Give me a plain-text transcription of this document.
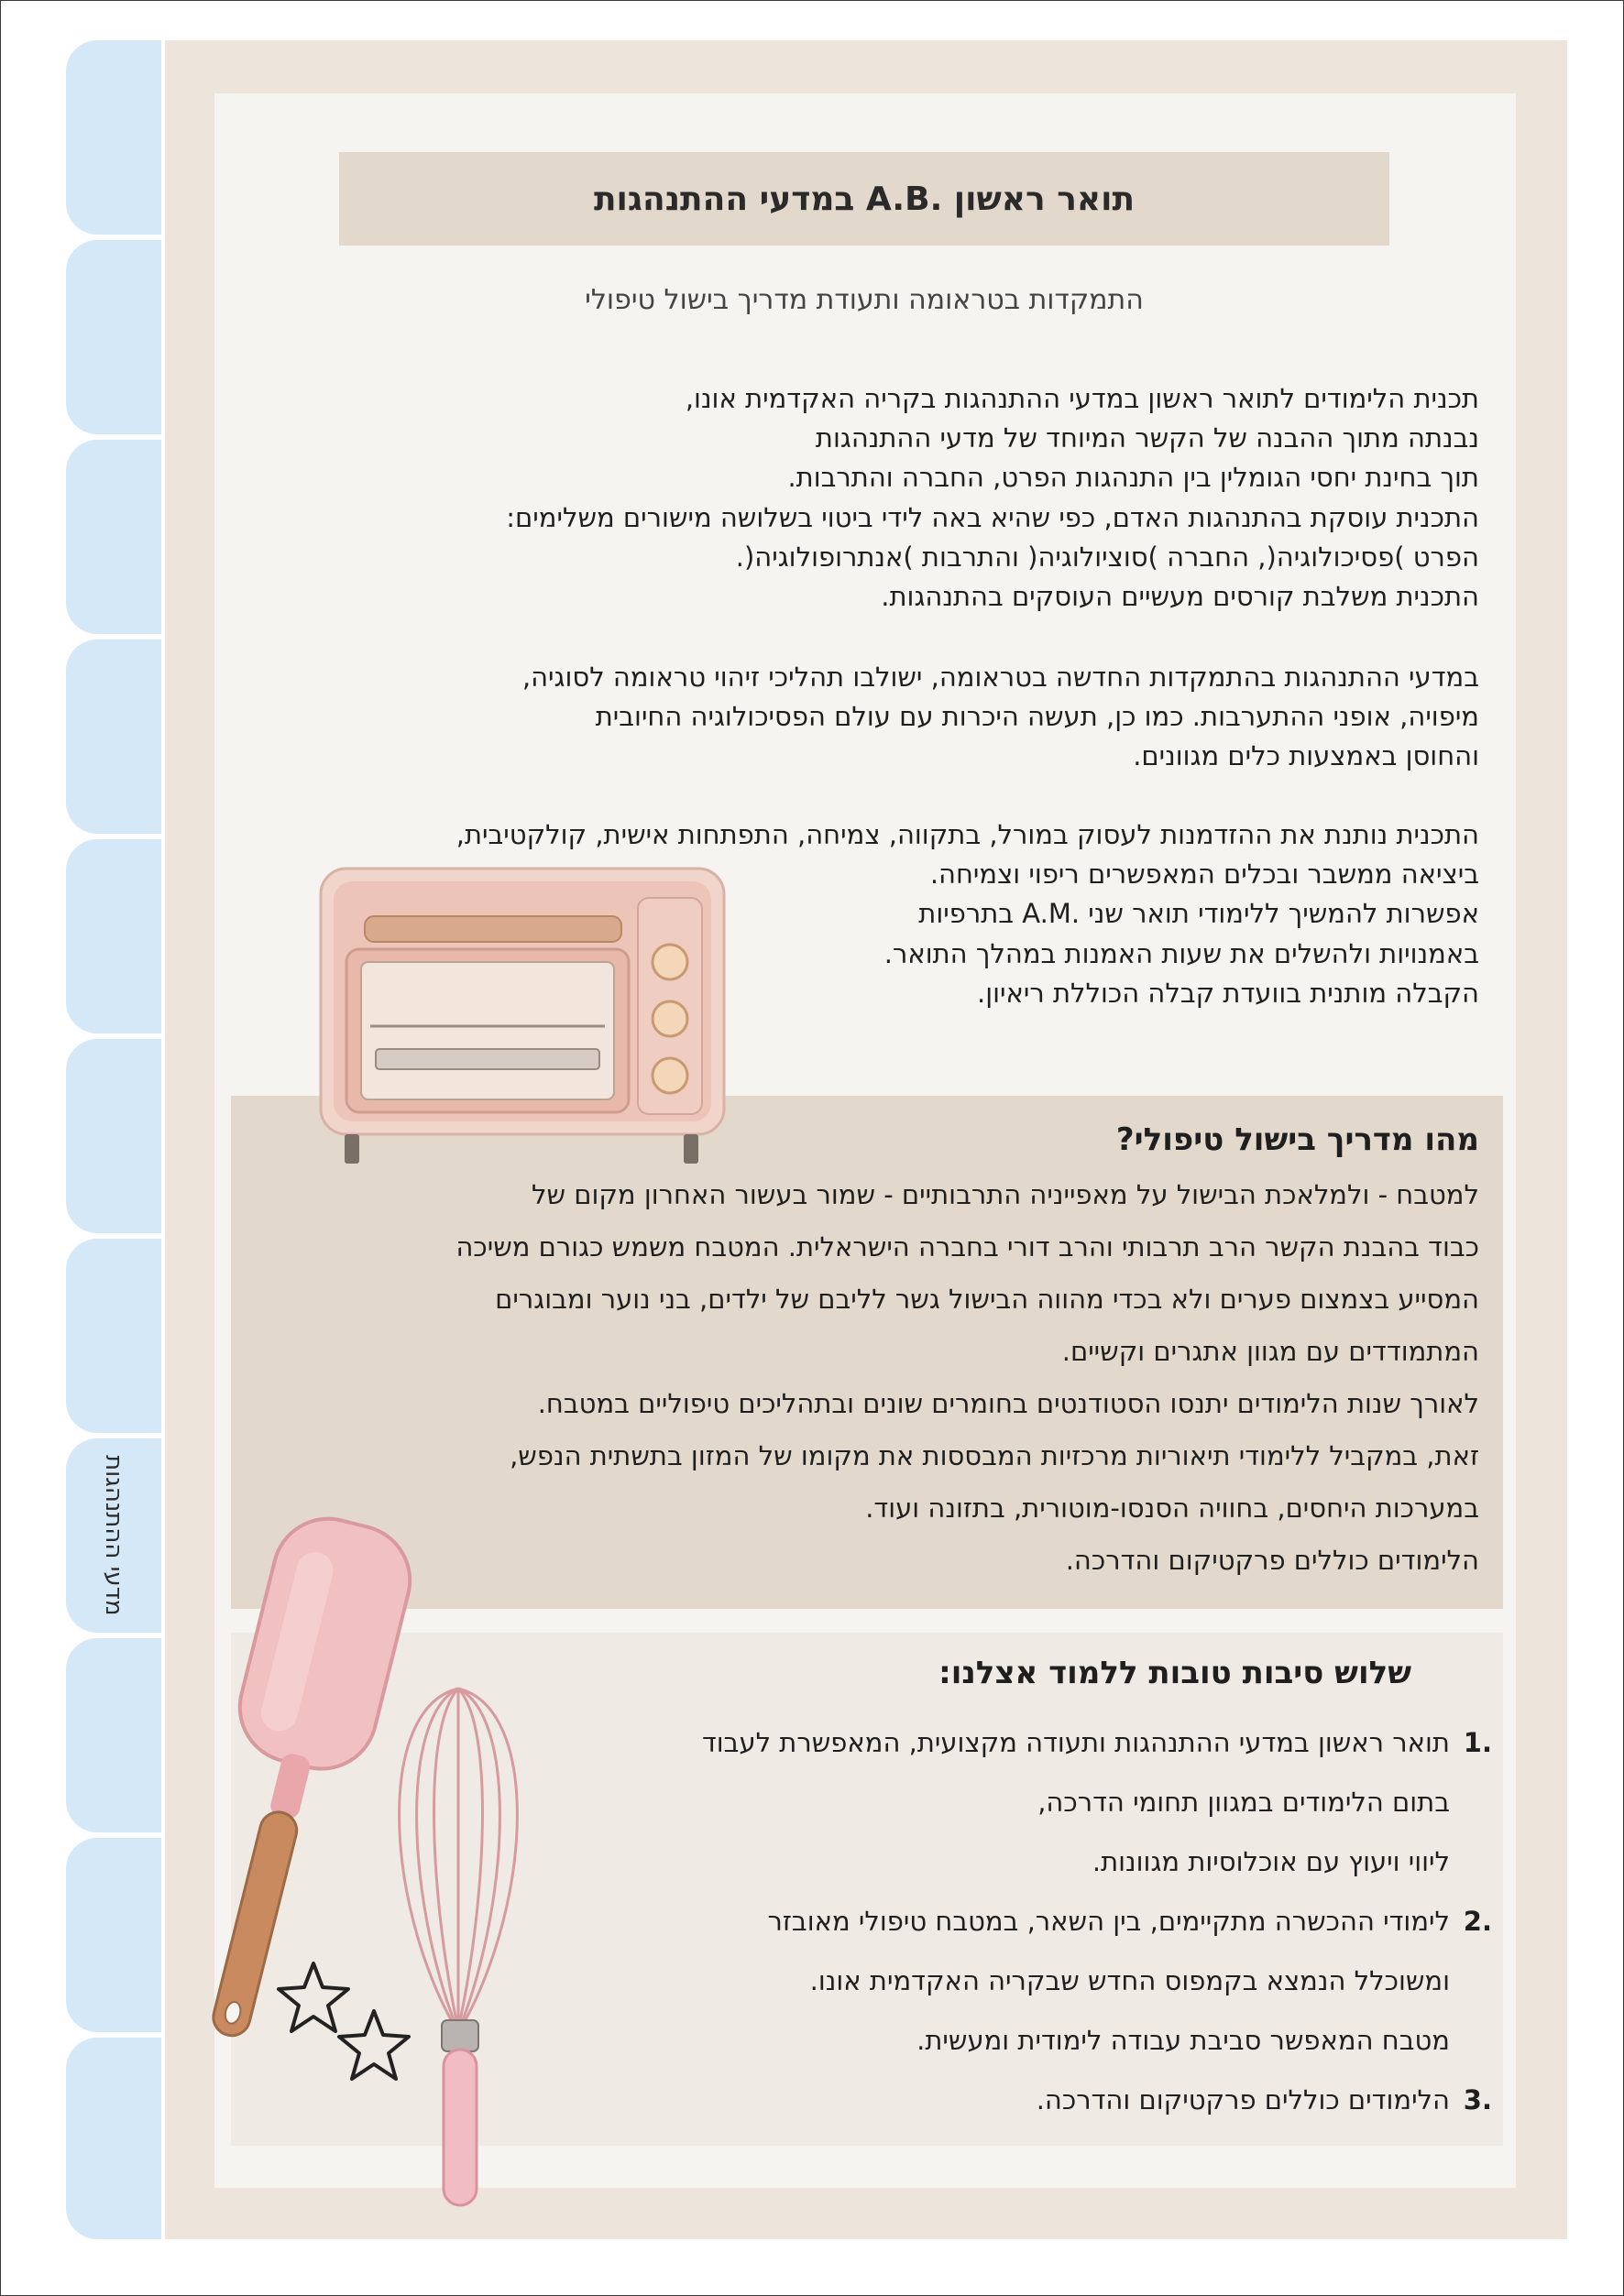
מדעי ההתנהגות
תואר ראשון .A.B במדעי ההתנהגות
התמקדות בטראומה ותעודת מדריך בישול טיפולי
תכנית הלימודים לתואר ראשון במדעי ההתנהגות בקריה האקדמית אונו,
נבנתה מתוך ההבנה של הקשר המיוחד של מדעי ההתנהגות
תוך בחינת יחסי הגומלין בין התנהגות הפרט, החברה והתרבות.
התכנית עוסקת בהתנהגות האדם, כפי שהיא באה לידי ביטוי בשלושה מישורים משלימים:
הפרט )פסיכולוגיה(, החברה )סוציולוגיה( והתרבות )אנתרופולוגיה(.
התכנית משלבת קורסים מעשיים העוסקים בהתנהגות.
במדעי ההתנהגות בהתמקדות החדשה בטראומה, ישולבו תהליכי זיהוי טראומה לסוגיה,
מיפויה, אופני ההתערבות. כמו כן, תעשה היכרות עם עולם הפסיכולוגיה החיובית
והחוסן באמצעות כלים מגוונים.
התכנית נותנת את ההזדמנות לעסוק במורל, בתקווה, צמיחה, התפתחות אישית, קולקטיבית,
ביציאה ממשבר ובכלים המאפשרים ריפוי וצמיחה.
אפשרות להמשיך ללימודי תואר שני .A.M בתרפיות
באמנויות ולהשלים את שעות האמנות במהלך התואר.
הקבלה מותנית בוועדת קבלה הכוללת ריאיון.
מהו מדריך בישול טיפולי?
למטבח - ולמלאכת הבישול על מאפייניה התרבותיים - שמור בעשור האחרון מקום של
כבוד בהבנת הקשר הרב תרבותי והרב דורי בחברה הישראלית. המטבח משמש כגורם משיכה
המסייע בצמצום פערים ולא בכדי מהווה הבישול גשר לליבם של ילדים, בני נוער ומבוגרים
המתמודדים עם מגוון אתגרים וקשיים.
לאורך שנות הלימודים יתנסו הסטודנטים בחומרים שונים ובתהליכים טיפוליים במטבח.
זאת, במקביל ללימודי תיאוריות מרכזיות המבססות את מקומו של המזון בתשתית הנפש,
במערכות היחסים, בחוויה הסנסו-מוטורית, בתזונה ועוד.
הלימודים כוללים פרקטיקום והדרכה.
שלוש סיבות טובות ללמוד אצלנו:
.1
תואר ראשון במדעי ההתנהגות ותעודה מקצועית, המאפשרת לעבוד
בתום הלימודים במגוון תחומי הדרכה,
ליווי ויעוץ עם אוכלוסיות מגוונות.
.2
לימודי ההכשרה מתקיימים, בין השאר, במטבח טיפולי מאובזר
ומשוכלל הנמצא בקמפוס החדש שבקריה האקדמית אונו.
מטבח המאפשר סביבת עבודה לימודית ומעשית.
.3
הלימודים כוללים פרקטיקום והדרכה.
